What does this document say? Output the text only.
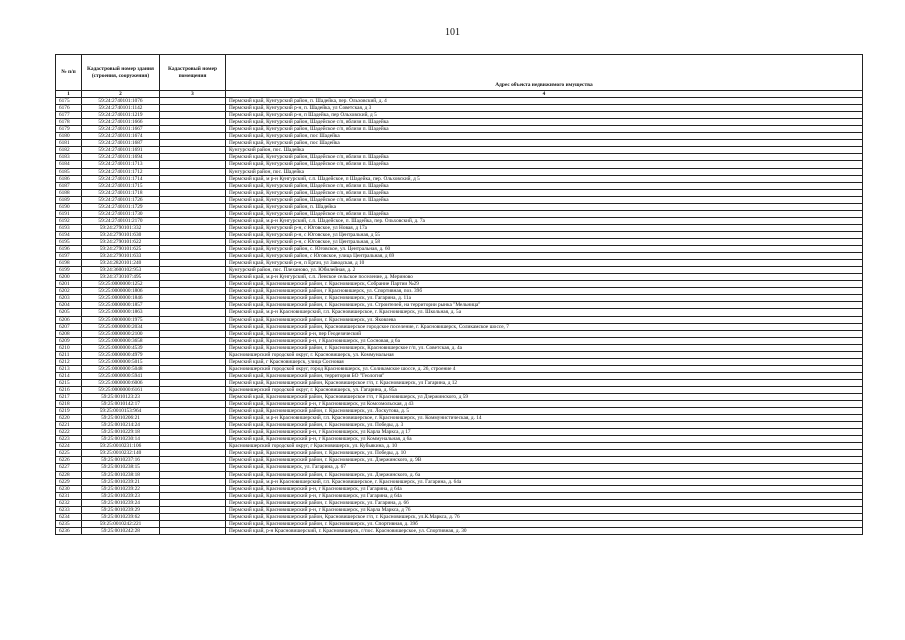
101
№ п/п	Кадастровый номер здания (строения, сооружения)	Кадастровый номер помещения	Адрес объекта недвижимого имущества
1	2	3	4
6175	59:24:2740101:1076		Пермский край, Кунгурский район, п. Шадейка, пер. Ольховский, д. 4
6176	59:24:2740101:1142		Пермский край, Кунгурский р-н, п. Шадейка, ул Советская, д 3
6177	59:24:2740101:1219		Пермский край, Кунгурский р-н, п Шадейка, пер Ольховский, д 5
6178	59:24:2740101:1666		Пермский край, Кунгурский район, Шадейское с/п, вблизи п. Шадейка
6179	59:24:2740101:1667		Пермский край, Кунгурский район, Шадейское с/п, вблизи п. Шадейка
6180	59:24:2740101:1674		Пермский край, Кунгурский район, пос Шадейка
6181	59:24:2740101:1687		Пермский край, Кунгурский район, пос Шадейка
6182	59:24:2740101:1691		Кунгурский район, пос. Шадейка
6183	59:24:2740101:1694		Пермский край, Кунгурский район, Шадейское с/п, вблизи п. Шадейка
6184	59:24:2740101:1713		Пермский край, Кунгурский район, Шадейское с/п, вблизи п. Шадейка
6185	59:24:2740101:1712		Кунгурский район, пос. Шадейка
6186	59:24:2740101:1714		Пермский край, м р-н Кунгурский, с.п. Шадейское, п Шадейка, пер. Ольховский, д 5
6187	59:24:2740101:1715		Пермский край, Кунгурский район, Шадейское с/п, вблизи п. Шадейка
6188	59:24:2740101:1718		Пермский край, Кунгурский район, Шадейское с/п, вблизи п. Шадейка
6189	59:24:2740101:1726		Пермский край, Кунгурский район, Шадейское с/п, вблизи п. Шадейка
6190	59:24:2740101:1729		Пермский край, Кунгурский район, п. Шадейка
6191	59:24:2740101:1730		Пермский край, Кунгурский район, Шадейское с/п, вблизи п. Шадейка
6192	59:24:2740101:2170		Пермский край, м.р-н Кунгурский, с.п. Шадейское, п. Шадейка, пер. Ольховский, д. 7а
6193	59:24:2790101:332		Пермский край, Кунгурский р-н, с Юговское, ул Новая, д 17а
6194	59:24:2790101:630		Пермский край, Кунгурский р-н, с Юговское, ул Центральная, д 55
6195	59:24:2790101:622		Пермский край, Кунгурский р-н, с Юговское, ул Центральная, д 58
6196	59:24:2790101:625		Пермский край, Кунгурский район, с. Юговское, ул. Центральная, д. 60
6197	59:24:2790101:633		Пермский край, Кунгурский район, с Юговское, улица Центральная, д 69
6198	59:24:2820101:240		Пермский край, Кунгурский р-н, п Ергач, ул Заводская, д 10
6199	59:24:3600102:953		Кунгурский район, пос. Плехановo, ул. Юбилейная, д. 2
6200	59:24:3730107:495		Пермский край, м.р-н Кунгурский, с.п. Ленское сельское поселение, д. Мериново
6201	59:25:0000000:1252		Пермский край, Красновишерский район, г. Красновишерск, Собрание Партии №29
6202	59:25:0000000:1806		Пермский край, Красновишерский район, г Красновишерск, ул. Спортивная, поз. 39б
6203	59:25:0000000:1846		Пермский край, Красновишерский район, г. Красновишерск, ул. Гагарина, д. 11а
6204	59:25:0000000:1857		Пермский край, Красновишерский район, г. Красновишерск, ул. Строителей, на территории рынка "Мельница"
6205	59:25:0000000:1863		Пермский край, м.р-н Красновишерский, г.п. Красновишерское, г. Красновишерск, ул. Школьная, д. 5а
6206	59:25:0000000:1975		Пермский край, Красновишерский район, г. Красновишерск, ул. Яковлева
6207	59:25:0000000:2034		Пермский край, Красновишерский район, Красновишерское городское поселение, г. Красновишерск, Соликамское шоссе, 7
6208	59:25:0000000:2100		Пермский край, Красновишерский р-н, пер Геодезический
6209	59:25:0000000:3658		Пермский край, Красновишерский р-н, г Красновишерск, ул Сосновая, д 6а
6210	59:25:0000000:4539		Пермский край, Красновишерский район, г. Красновишерск, Красновишерское г/п, ул. Советская, д. 4а
6211	59:25:0000000:4979		Красновишерский городской округ, г. Красновишерск, ул. Коммунальная
6212	59:25:0000000:5015		Пермский край, г Красновишерск, улица Сосновая
6213	59:25:0000000:5048		Красновишерский городской округ, город Красновишерск, ул. Соликамское шоссе, д. 26, строение 4
6214	59:25:0000000:5941		Пермский край, Красновишерский район, территория БО "Геология"
6215	59:25:0000000:6006		Пермский край, Красновишерский район, Красновишерское г/п, г. Красновишерск, ул Гагарина, д 12
6216	59:25:0000000:6161		Красновишерский городской округ, г. Красновишерск, ул. Гагарина, д. 85а
6217	59:25:0010123:23		Пермский край, Красновишерский район, Красновишерское г/п, г Красновишерск, ул Дзержинского, д 59
6218	59:25:0010142:17		Пермский край, Красновишерский р-н, г Красновишерск, ул Комсомольская, д 43
6219	59:25:0010153:964		Пермский край, Красновишерский район, г. Красновишерск, ул. Лоскутова, д. 5
6220	59:25:0010206:21		Пермский край, м.р-н Красновишерский, г.п. Красновишерское, г. Красновишерск, ул. Коммунистическая, д. 14
6221	59:25:0010214:24		Пермский край, Красновишерский район, г. Красновишерск, ул. Победы, д. 3
6222	59:25:0010229:18		Пермский край, Красновишерский р-н, г Красновишерск, ул Карла Маркса, д 17
6223	59:25:0010230:14		Пермский край, Красновишерский р-н, г Красновишерск, ул Коммунальная, д 6а
6224	59:25:0010231:106		Красновишерский городской округ, г Красновишерск, ул. Кубьякина, д. 10
6225	59:25:0010232:140		Пермский край, Красновишерский район, г. Красновишерск, ул. Победы, д. 10
6226	59:25:0010237:16		Пермский край, Красновишерский район, г. Красновишерск, ул. Дзержинского, д. 9В
6227	59:25:0010238:15		Пермский край, Красновишерск, ул. Гагарина, д. 67
6228	59:25:0010238:18		Пермский край, Красновишерский район, г. Красновишерск, ул. Дзержинского, д. 6а
6229	59:25:0010239:21		Пермский край, м.р-н Красновишерский, г.п. Красновишерское, г. Красновишерск, ул. Гагарина, д. 64а
6230	59:25:0010239:22		Пермский край, Красновишерский р-н, г Красновишерск, ул Гагарина, д 64а
6231	59:25:0010239:23		Пермский край, Красновишерский р-н, г Красновишерск, ул Гагарина, д 64а
6232	59:25:0010239:24		Пермский край, Красновишерский район, г. Красновишерск, ул. Гагарина, д. 66
6233	59:25:0010239:29		Пермский край, Красновишерский р-н, г Красновишерск, ул Карла Маркса, д 76
6234	59:25:0010239:62		Пермский край, Красновишерский район, Красновишерское г/п, г. Красновишерск, ул.К.Маркса, д. 76
6235	59:25:0010242:221		Пермский край, Красновишерский район, г. Красновишерск, ул. Спортивная, д. 39б
6236	59:25:0010242:28		Пермский край, р-н Красновишерский, г. Красновишерск, г/пос. Красновишерское, ул. Спортивная, д. 30
